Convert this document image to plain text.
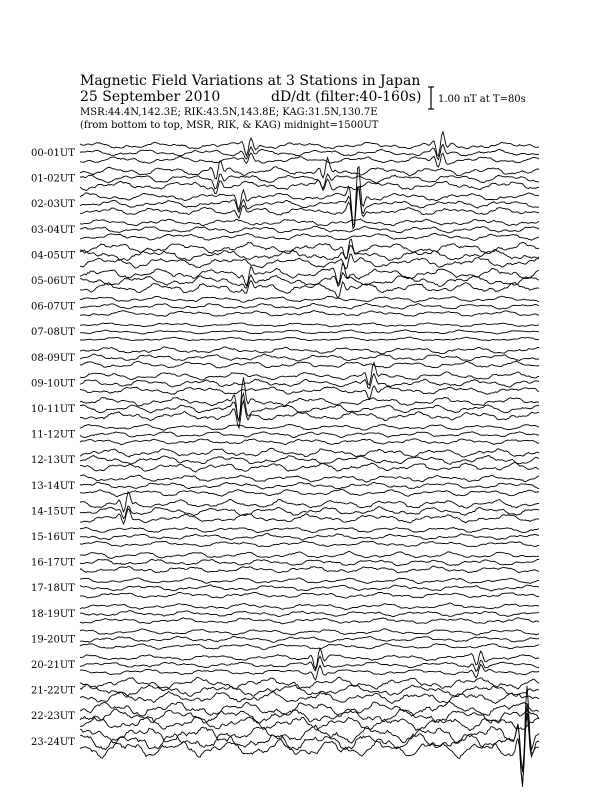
Magnetic Field Variations at 3 Stations in Japan
25 September 2010	dD/dt (filter:40-160s)
MSR:44.4N,142.3E; RIK:43.5N,143.8E; KAG:31.5N,130.7E
(from bottom to top, MSR, RIK, & KAG) midnight=1500UT
1.00 nT at T=80s
00-01UT
01-02UT
02-03UT
03-04UT
04-05UT
05-06UT
06-07UT
07-08UT
08-09UT
09-10UT
10-11UT
11-12UT
12-13UT
13-14UT
14-15UT
15-16UT
16-17UT
17-18UT
18-19UT
19-20UT
20-21UT
21-22UT
22-23UT
23-24UT
